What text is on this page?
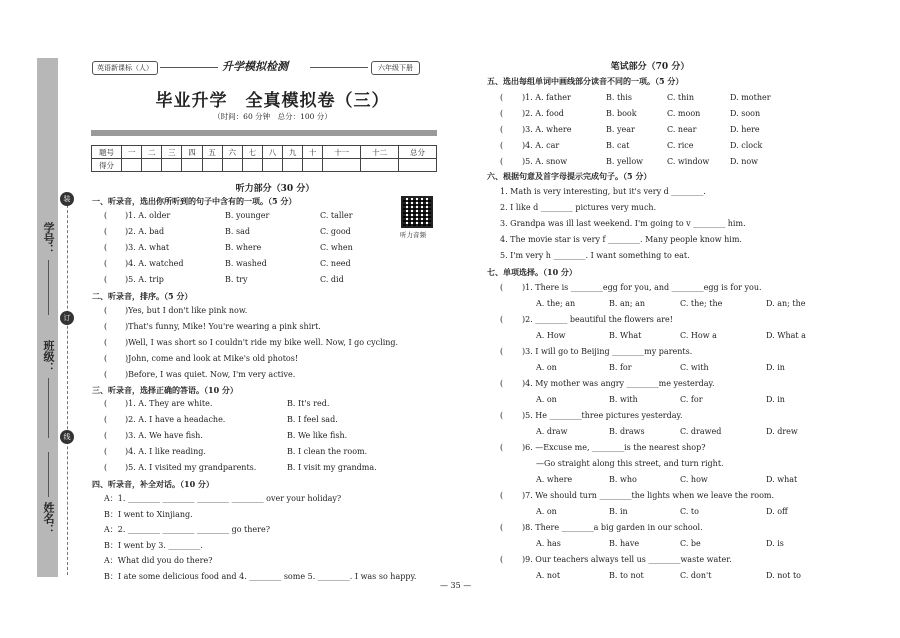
装
订
线
学号：
班级：
姓名：
英语新课标（人）	升学模拟检测	六年级下册
毕业升学　全真模拟卷（三）
（时间：60 分钟　总分：100 分）
题号	一	二	三	四	五	六	七	八	九	十	十一	十二	总分
得分													
听力部分（30 分）
听力音频
一、听录音，选出你所听到的句子中含有的一项。（5 分）
( )1. A. older	B. younger	C. taller
( )2. A. bad	B. sad	C. good
( )3. A. what	B. where	C. when
( )4. A. watched	B. washed	C. need
( )5. A. trip	B. try	C. did
二、听录音，排序。（5 分）
( )Yes, but I don't like pink now.
( )That's funny, Mike! You're wearing a pink shirt.
( )Well, I was short so I couldn't ride my bike well. Now, I go cycling.
( )John, come and look at Mike's old photos!
( )Before, I was quiet. Now, I'm very active.
三、听录音，选择正确的答语。（10 分）
( )1. A. They are white.	B. It's red.
( )2. A. I have a headache.	B. I feel sad.
( )3. A. We have fish.	B. We like fish.
( )4. A. I like reading.	B. I clean the room.
( )5. A. I visited my grandparents.	B. I visit my grandma.
四、听录音，补全对话。（10 分）
A：1. ________ ________ ________ ________ over your holiday?
B：I went to Xinjiang.
A：2. ________ ________ ________ go there?
B：I went by 3. ________.
A：What did you do there?
B：I ate some delicious food and 4. ________ some 5. ________. I was so happy.
笔试部分（70 分）
五、选出每组单词中画线部分读音不同的一项。（5 分）
( )1. A. father	B. this	C. thin	D. mother
( )2. A. food	B. book	C. moon	D. soon
( )3. A. where	B. year	C. near	D. here
( )4. A. car	B. cat	C. rice	D. clock
( )5. A. snow	B. yellow	C. window	D. now
六、根据句意及首字母提示完成句子。（5 分）
1. Math is very interesting, but it's very d ________.
2. I like d ________ pictures very much.
3. Grandpa was ill last weekend. I'm going to v ________ him.
4. The movie star is very f ________. Many people know him.
5. I'm very h ________. I want something to eat.
七、单项选择。（10 分）
)1. There is ________egg for you, and ________egg is for you.
(
A. the; an	B. an; an	C. the; the	D. an; the
)2. ________ beautiful the flowers are!
(
A. How	B. What	C. How a	D. What a
)3. I will go to Beijing ________my parents.
(
A. on	B. for	C. with	D. in
)4. My mother was angry ________me yesterday.
(
A. on	B. with	C. for	D. in
)5. He ________three pictures yesterday.
(
A. draw	B. draws	C. drawed	D. drew
)6. —Excuse me, ________is the nearest shop?
(
—Go straight along this street, and turn right.
A. where	B. who	C. how	D. what
)7. We should turn ________the lights when we leave the room.
(
A. on	B. in	C. to	D. off
)8. There ________a big garden in our school.
(
A. has	B. have	C. be	D. is
)9. Our teachers always tell us ________waste water.
(
A. not	B. to not	C. don't	D. not to
— 35 —
